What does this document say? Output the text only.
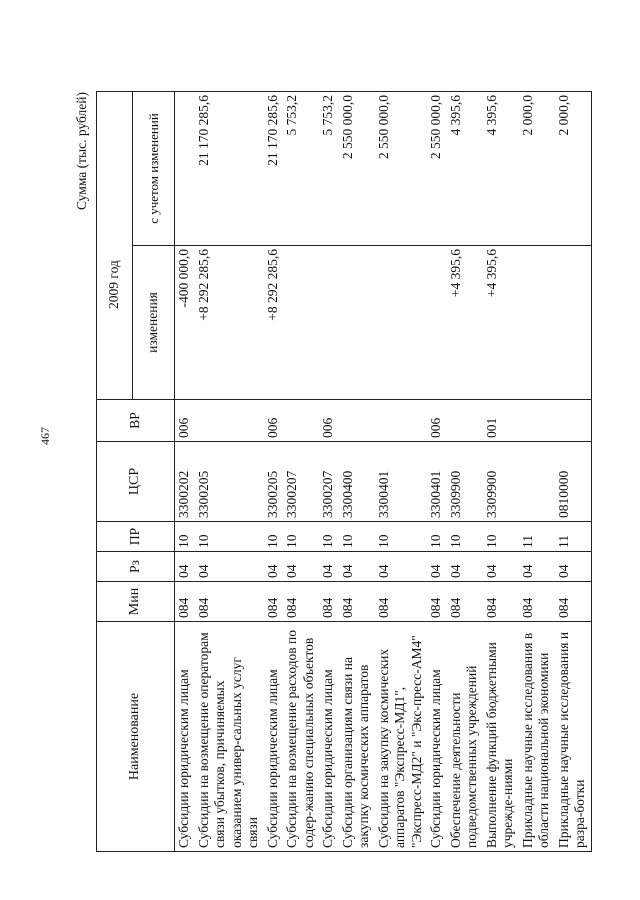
467
Сумма (тыс. рублей)
Наименование	Мин	Рз	ПР	ЦСР	ВР	2009 год	
						изменения	с учетом изменений
Субсидии юридическим лицам	084	04	10	3300202	006	-400 000,0	
Субсидии на возмещение операторам связи убытков, причиняемых оказанием универ-сальных услуг связи	084	04	10	3300205		+8 292 285,6	21 170 285,6
Субсидии юридическим лицам	084	04	10	3300205	006	+8 292 285,6	21 170 285,6
Субсидии на возмещение расходов по содер-жанию специальных объектов	084	04	10	3300207			5 753,2
Субсидии юридическим лицам	084	04	10	3300207	006		5 753,2
Субсидии организациям связи на закупку космических аппаратов	084	04	10	3300400			2 550 000,0
Субсидии на закупку космических аппаратов "Экспресс-МД1", "Экспресс-МД2" и "Экс-пресс-АМ4"	084	04	10	3300401			2 550 000,0
Субсидии юридическим лицам	084	04	10	3300401	006		2 550 000,0
Обеспечение деятельности подведомственных учреждений	084	04	10	3309900		+4 395,6	4 395,6
Выполнение функций бюджетными учрежде-ниями	084	04	10	3309900	001	+4 395,6	4 395,6
Прикладные научные исследования в области национальной экономики	084	04	11				2 000,0
Прикладные научные исследования и разра-ботки	084	04	11	0810000			2 000,0
